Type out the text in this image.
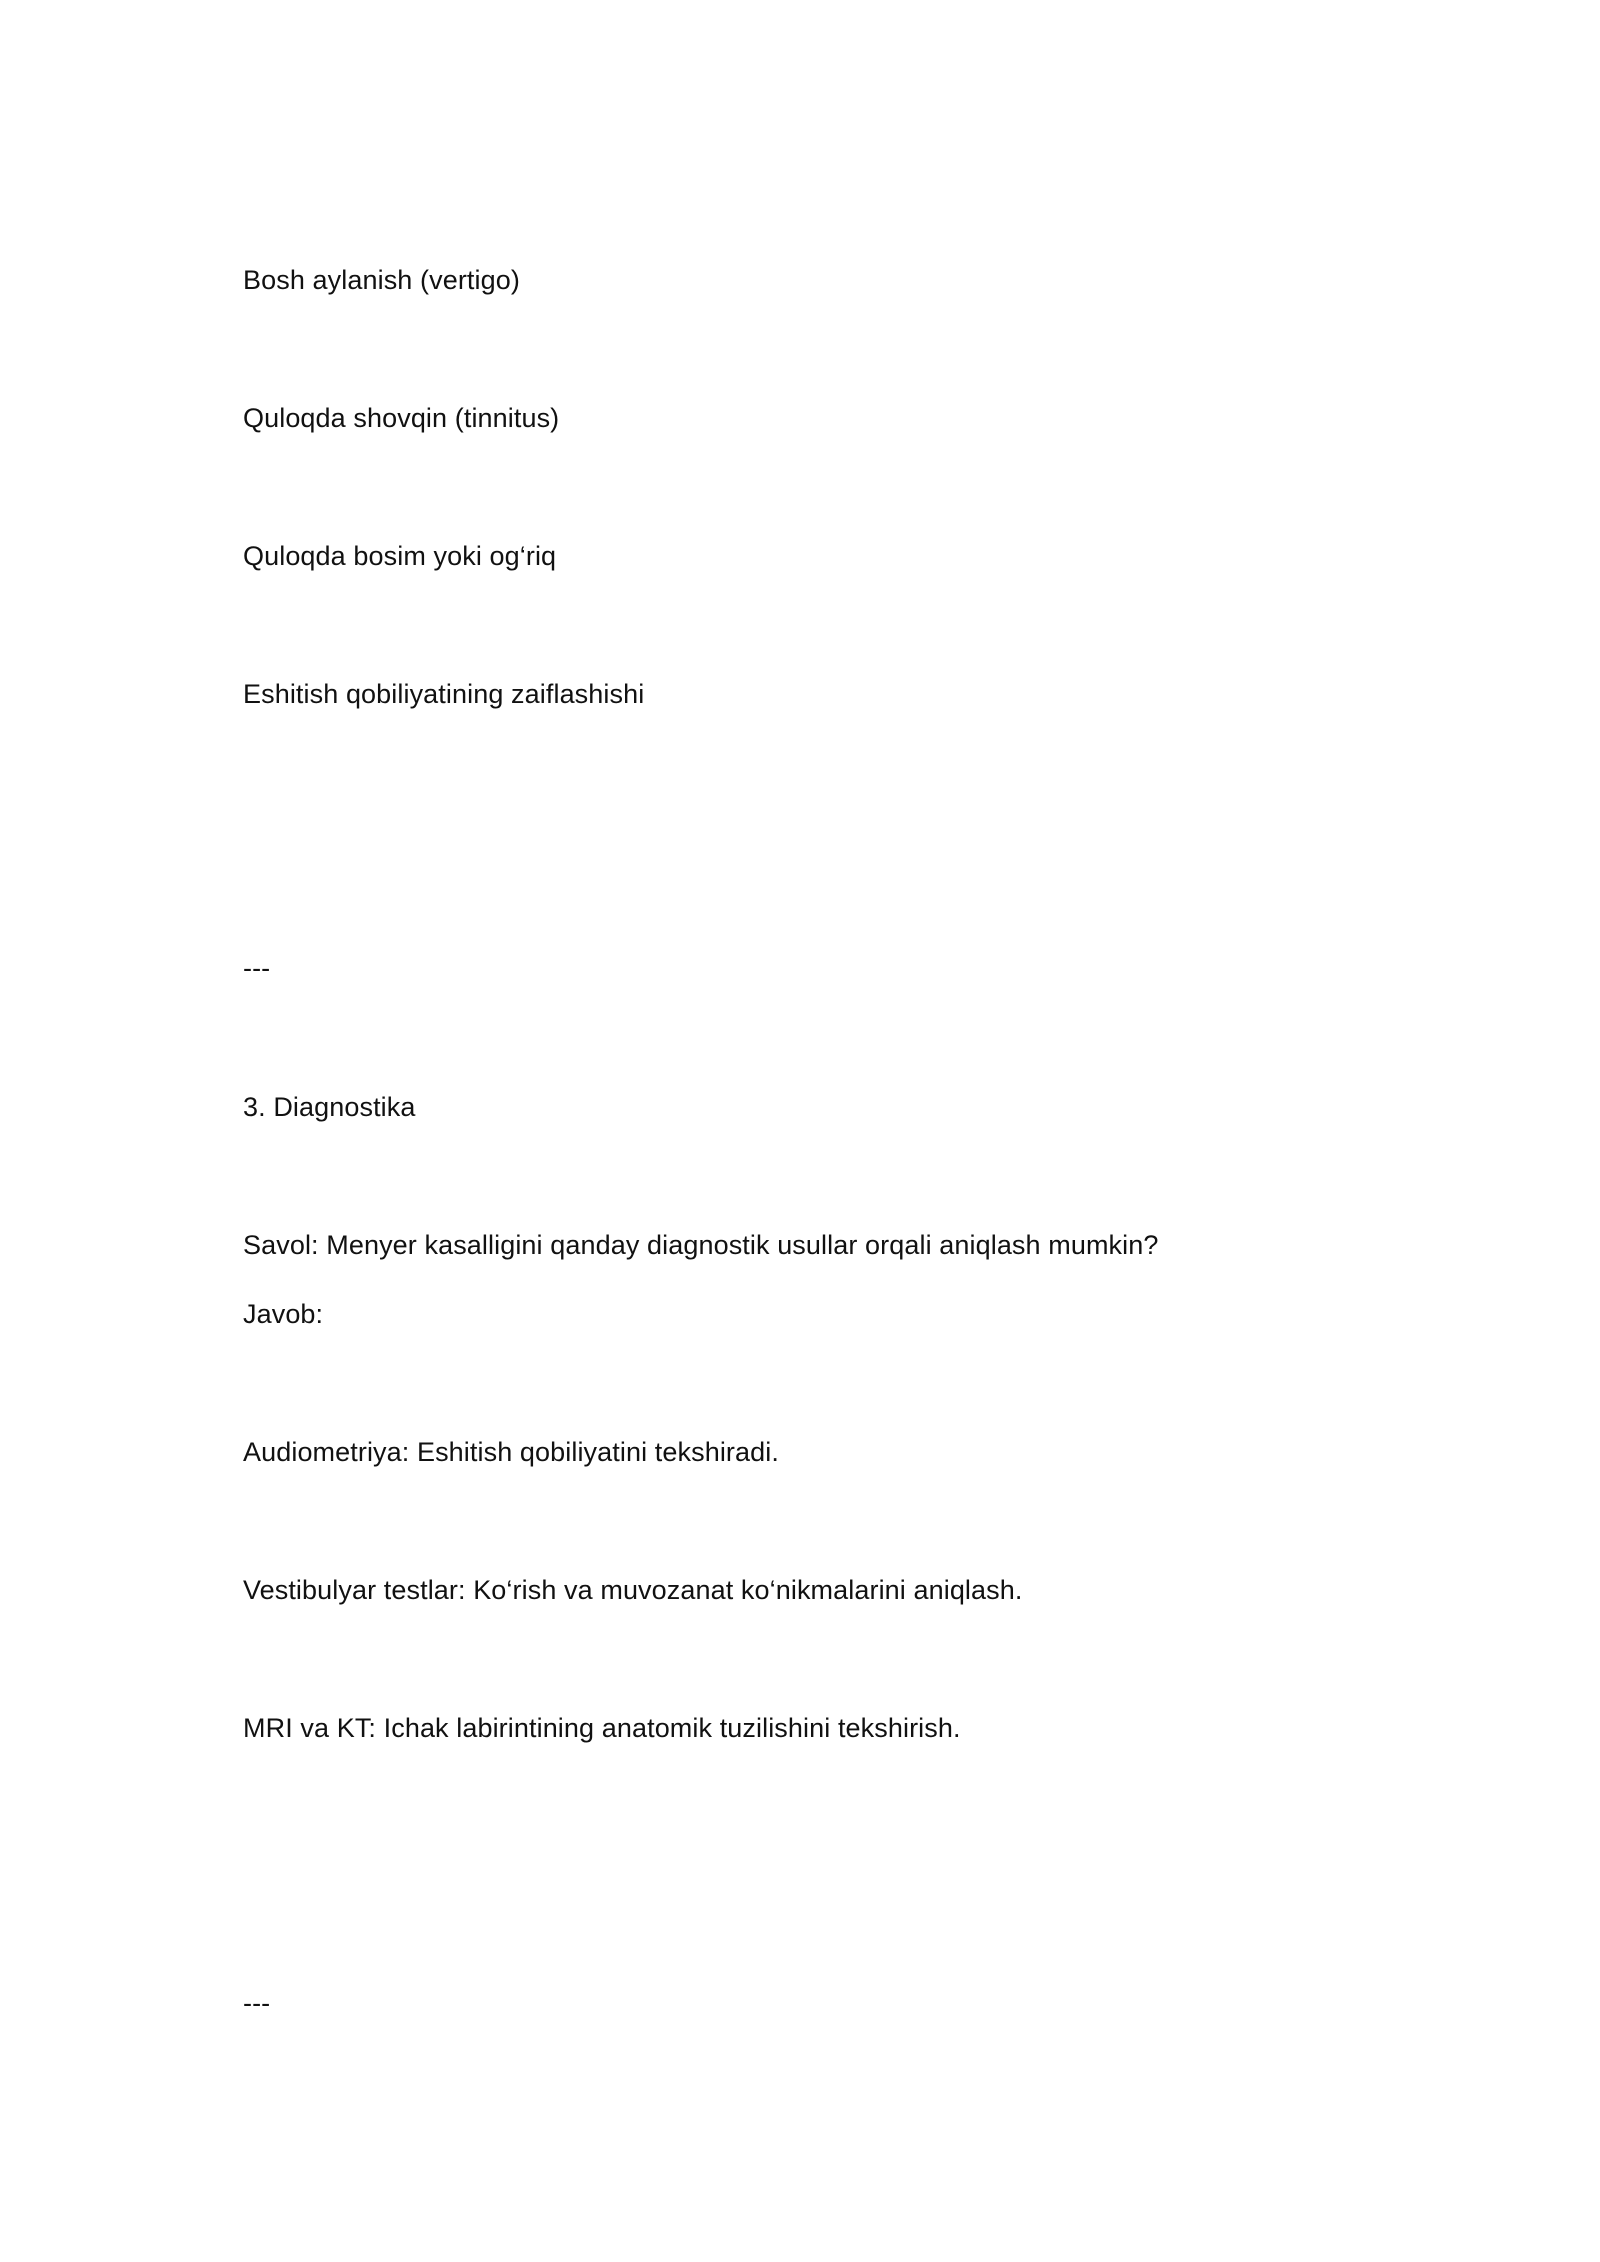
Bosh aylanish (vertigo)
Quloqda shovqin (tinnitus)
Quloqda bosim yoki og‘riq
Eshitish qobiliyatining zaiflashishi
---
3. Diagnostika
Savol: Menyer kasalligini qanday diagnostik usullar orqali aniqlash mumkin?
Javob:
Audiometriya: Eshitish qobiliyatini tekshiradi.
Vestibulyar testlar: Ko‘rish va muvozanat ko‘nikmalarini aniqlash.
MRI va KT: Ichak labirintining anatomik tuzilishini tekshirish.
---
